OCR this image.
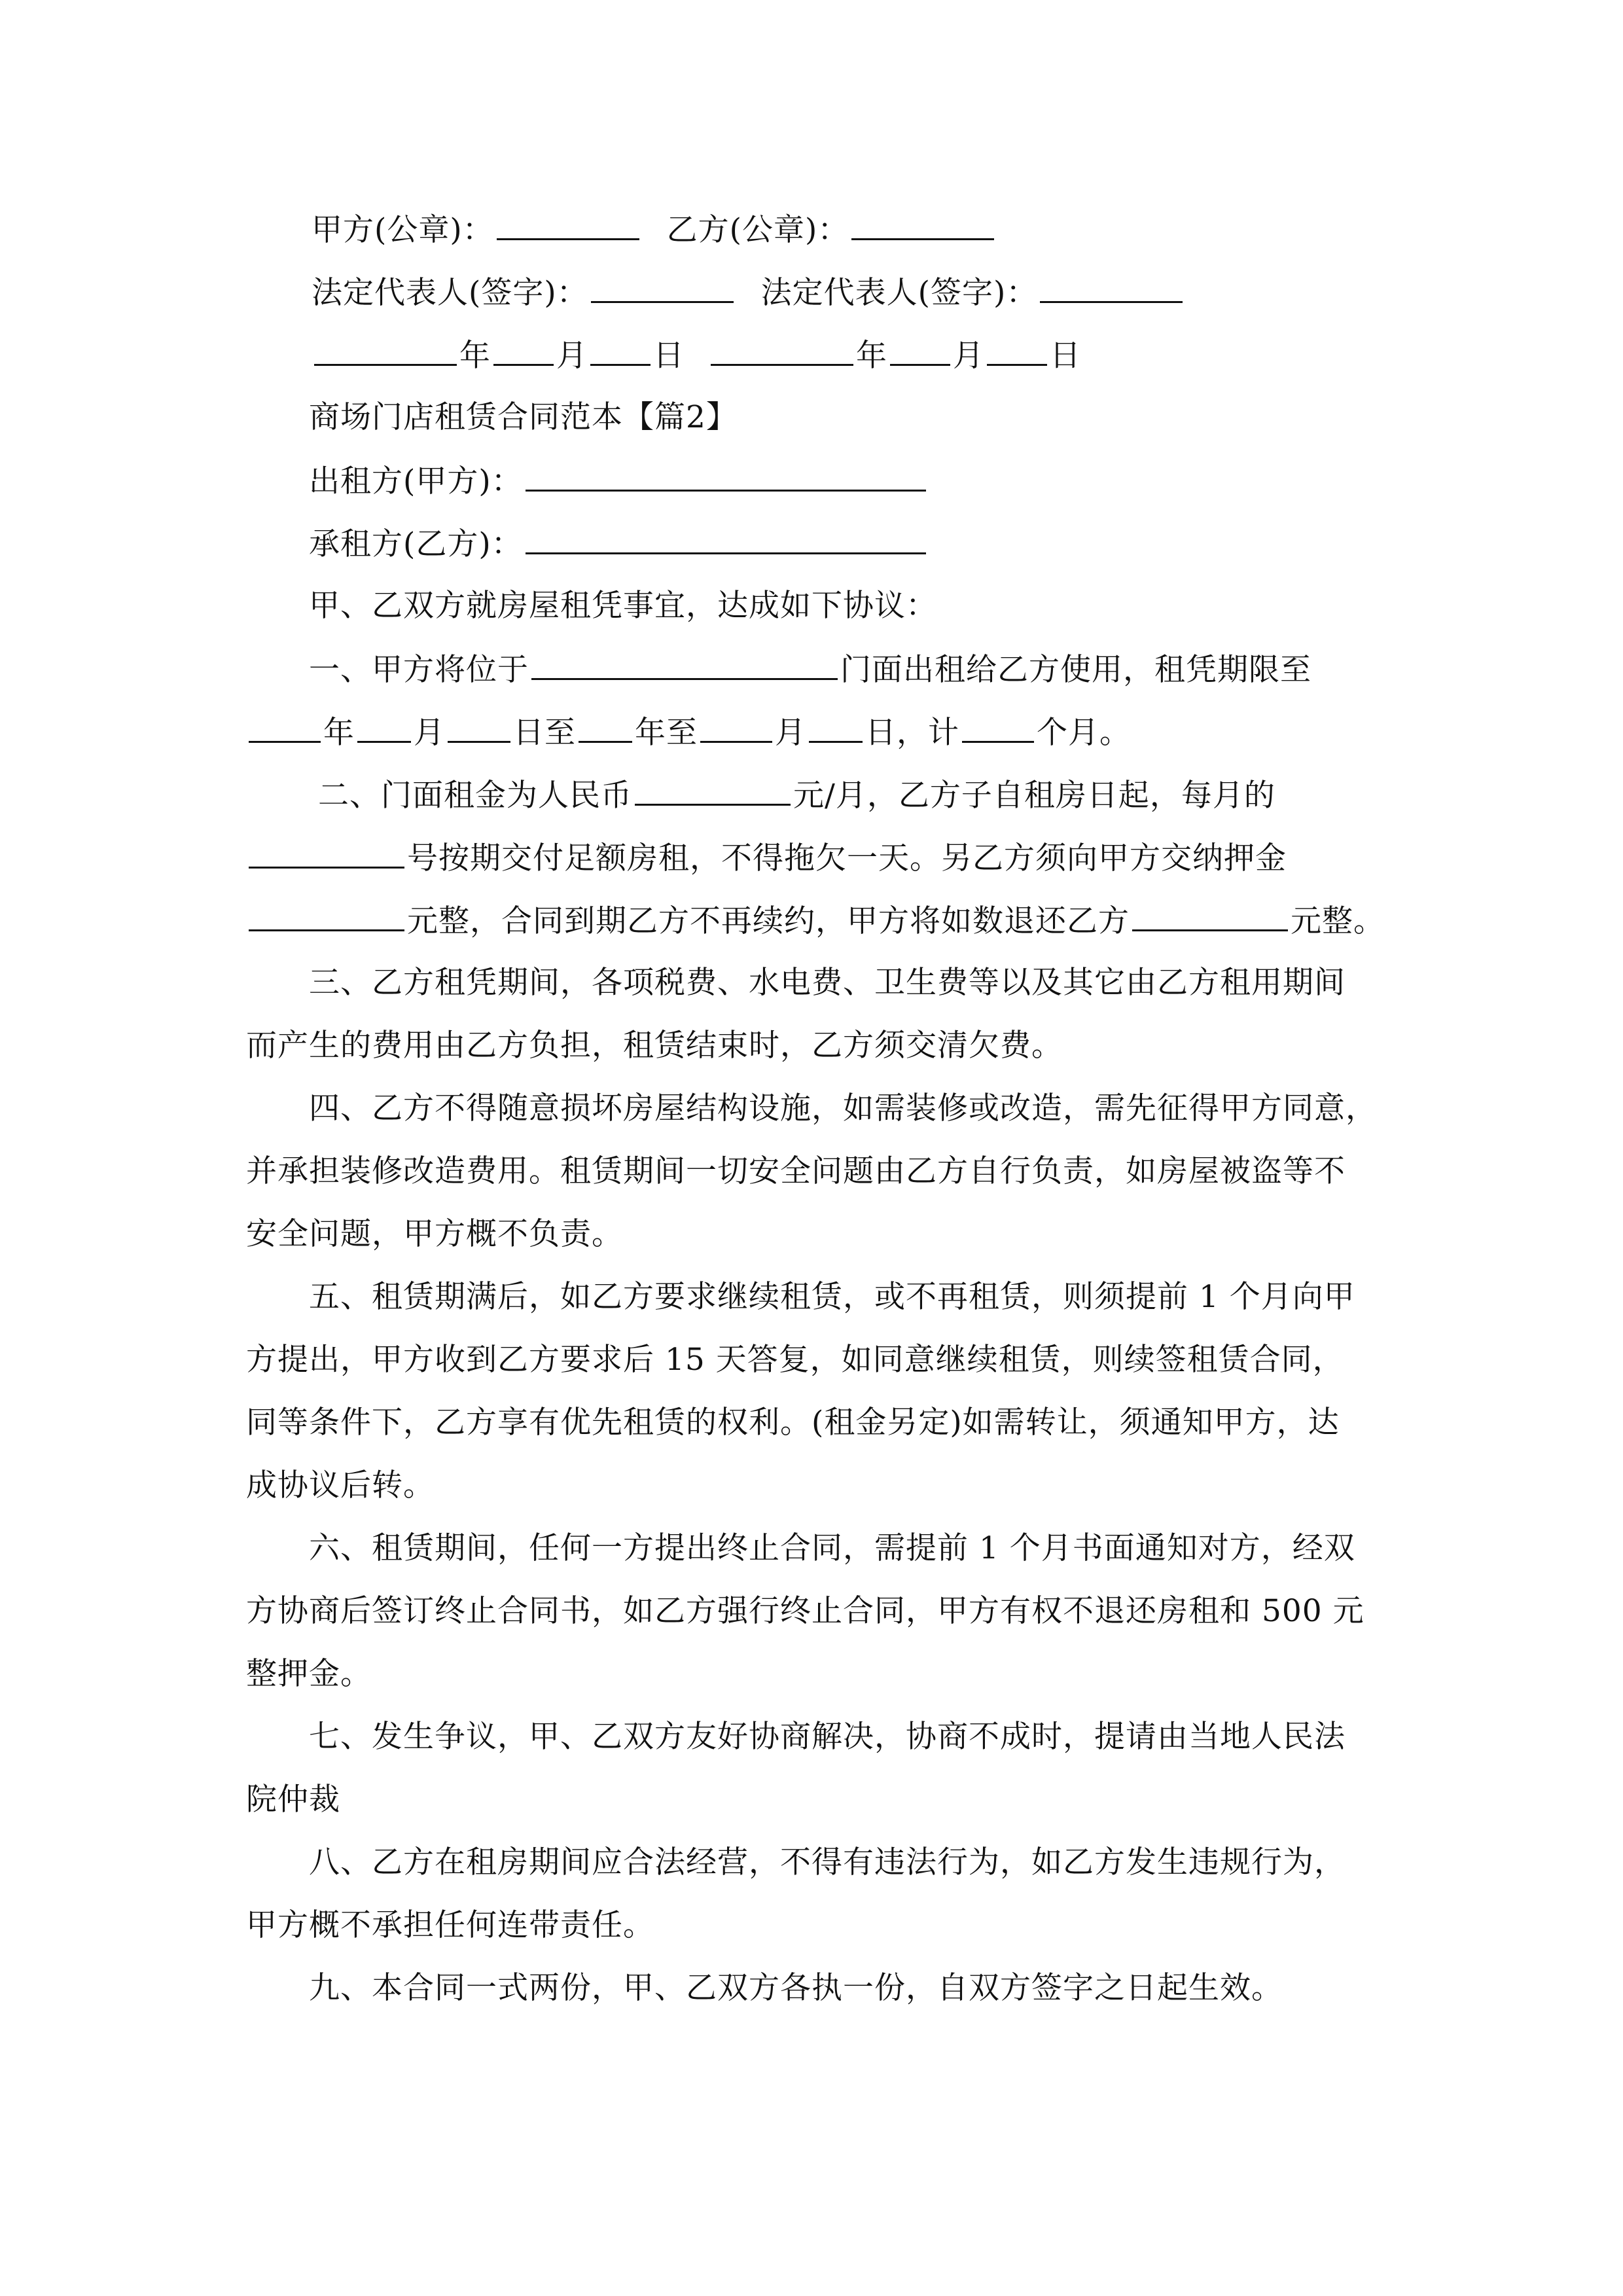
甲方(公章)：	乙方(公章)：
法定代表人(签字)：	法定代表人(签字)：
年 月 日	年 月 日
商场门店租赁合同范本【篇2】
出租方(甲方)：
承租方(乙方)：
甲、乙双方就房屋租凭事宜，达成如下协议：
一、甲方将位于	门面出租给乙方使用，租凭期限至
年 月 日至 年至	月 日，计	个月。
二、门面租金为人民币	元/月，乙方子自租房日起，每月的
号按期交付足额房租，不得拖欠一天。另乙方须向甲方交纳押金
元整，合同到期乙方不再续约，甲方将如数退还乙方	元整。
三、乙方租凭期间，各项税费、水电费、卫生费等以及其它由乙方租用期间
而产生的费用由乙方负担，租赁结束时，乙方须交清欠费。
四、乙方不得随意损坏房屋结构设施，如需装修或改造，需先征得甲方同意，
并承担装修改造费用。租赁期间一切安全问题由乙方自行负责，如房屋被盗等不
安全问题，甲方概不负责。
五、租赁期满后，如乙方要求继续租赁，或不再租赁，则须提前 1 个月向甲
方提出，甲方收到乙方要求后 15 天答复，如同意继续租赁，则续签租赁合同，
同等条件下，乙方享有优先租赁的权利。(租金另定)如需转让，须通知甲方，达
成协议后转。
六、租赁期间，任何一方提出终止合同，需提前 1 个月书面通知对方，经双
方协商后签订终止合同书，如乙方强行终止合同，甲方有权不退还房租和 500 元
整押金。
七、发生争议，甲、乙双方友好协商解决，协商不成时，提请由当地人民法
院仲裁
八、乙方在租房期间应合法经营，不得有违法行为，如乙方发生违规行为，
甲方概不承担任何连带责任。
九、本合同一式两份，甲、乙双方各执一份，自双方签字之日起生效。
